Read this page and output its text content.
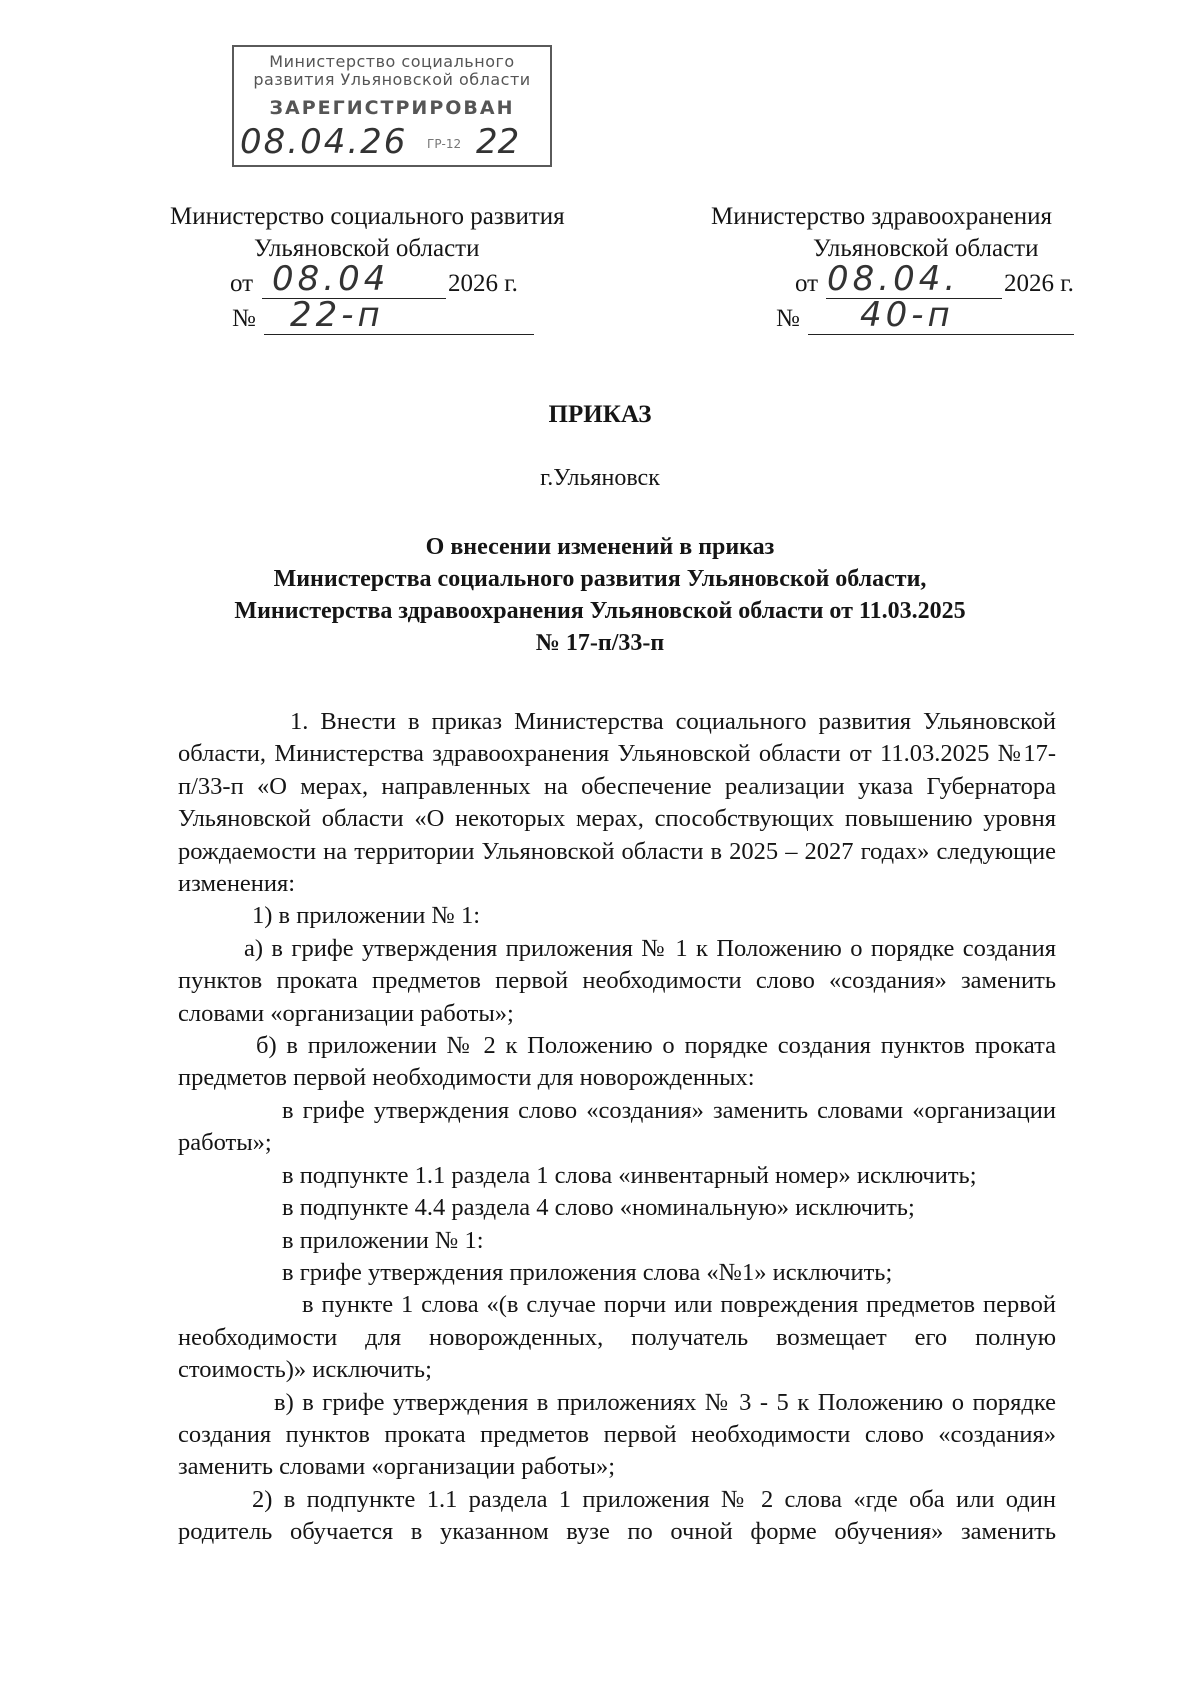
Министерство социального
развития Ульяновской области
ЗАРЕГИСТРИРОВАН
08.04.26 22
ГР-12
Министерство социального развития
Ульяновской области
от 08.04 2026 г.
№ 22-п
Министерство здравоохранения
Ульяновской области
от 08.04. 2026 г.
№ 40-п
ПРИКАЗ
г.Ульяновск
О внесении изменений в приказ
Министерства социального развития Ульяновской области,
Министерства здравоохранения Ульяновской области от 11.03.2025
№ 17-п/33-п

1. Внести в приказ Министерства социального развития Ульяновской области, Министерства здравоохранения Ульяновской области от 11.03.2025 №17-п/33-п «О мерах, направленных на обеспечение реализации указа Губернатора Ульяновской области «О некоторых мерах, способствующих повышению уровня рождаемости на территории Ульяновской области в 2025 – 2027 годах» следующие изменения:

1) в приложении № 1:

а) в грифе утверждения приложения № 1 к Положению о порядке создания пунктов проката предметов первой необходимости слово «создания» заменить словами «организации работы»;

б) в приложении № 2 к Положению о порядке создания пунктов проката предметов первой необходимости для новорожденных:

в грифе утверждения слово «создания» заменить словами «организации работы»;

в подпункте 1.1 раздела 1 слова «инвентарный номер» исключить;

в подпункте 4.4 раздела 4 слово «номинальную» исключить;

в приложении № 1:

в грифе утверждения приложения слова «№1» исключить;

в пункте 1 слова «(в случае порчи или повреждения предметов первой необходимости для новорожденных, получатель возмещает его полную стоимость)» исключить;

в) в грифе утверждения в приложениях № 3 - 5 к Положению о порядке создания пунктов проката предметов первой необходимости слово «создания» заменить словами «организации работы»;

2) в подпункте 1.1 раздела 1 приложения № 2 слова «где оба или один родитель обучается в указанном вузе по очной форме обучения» заменить
